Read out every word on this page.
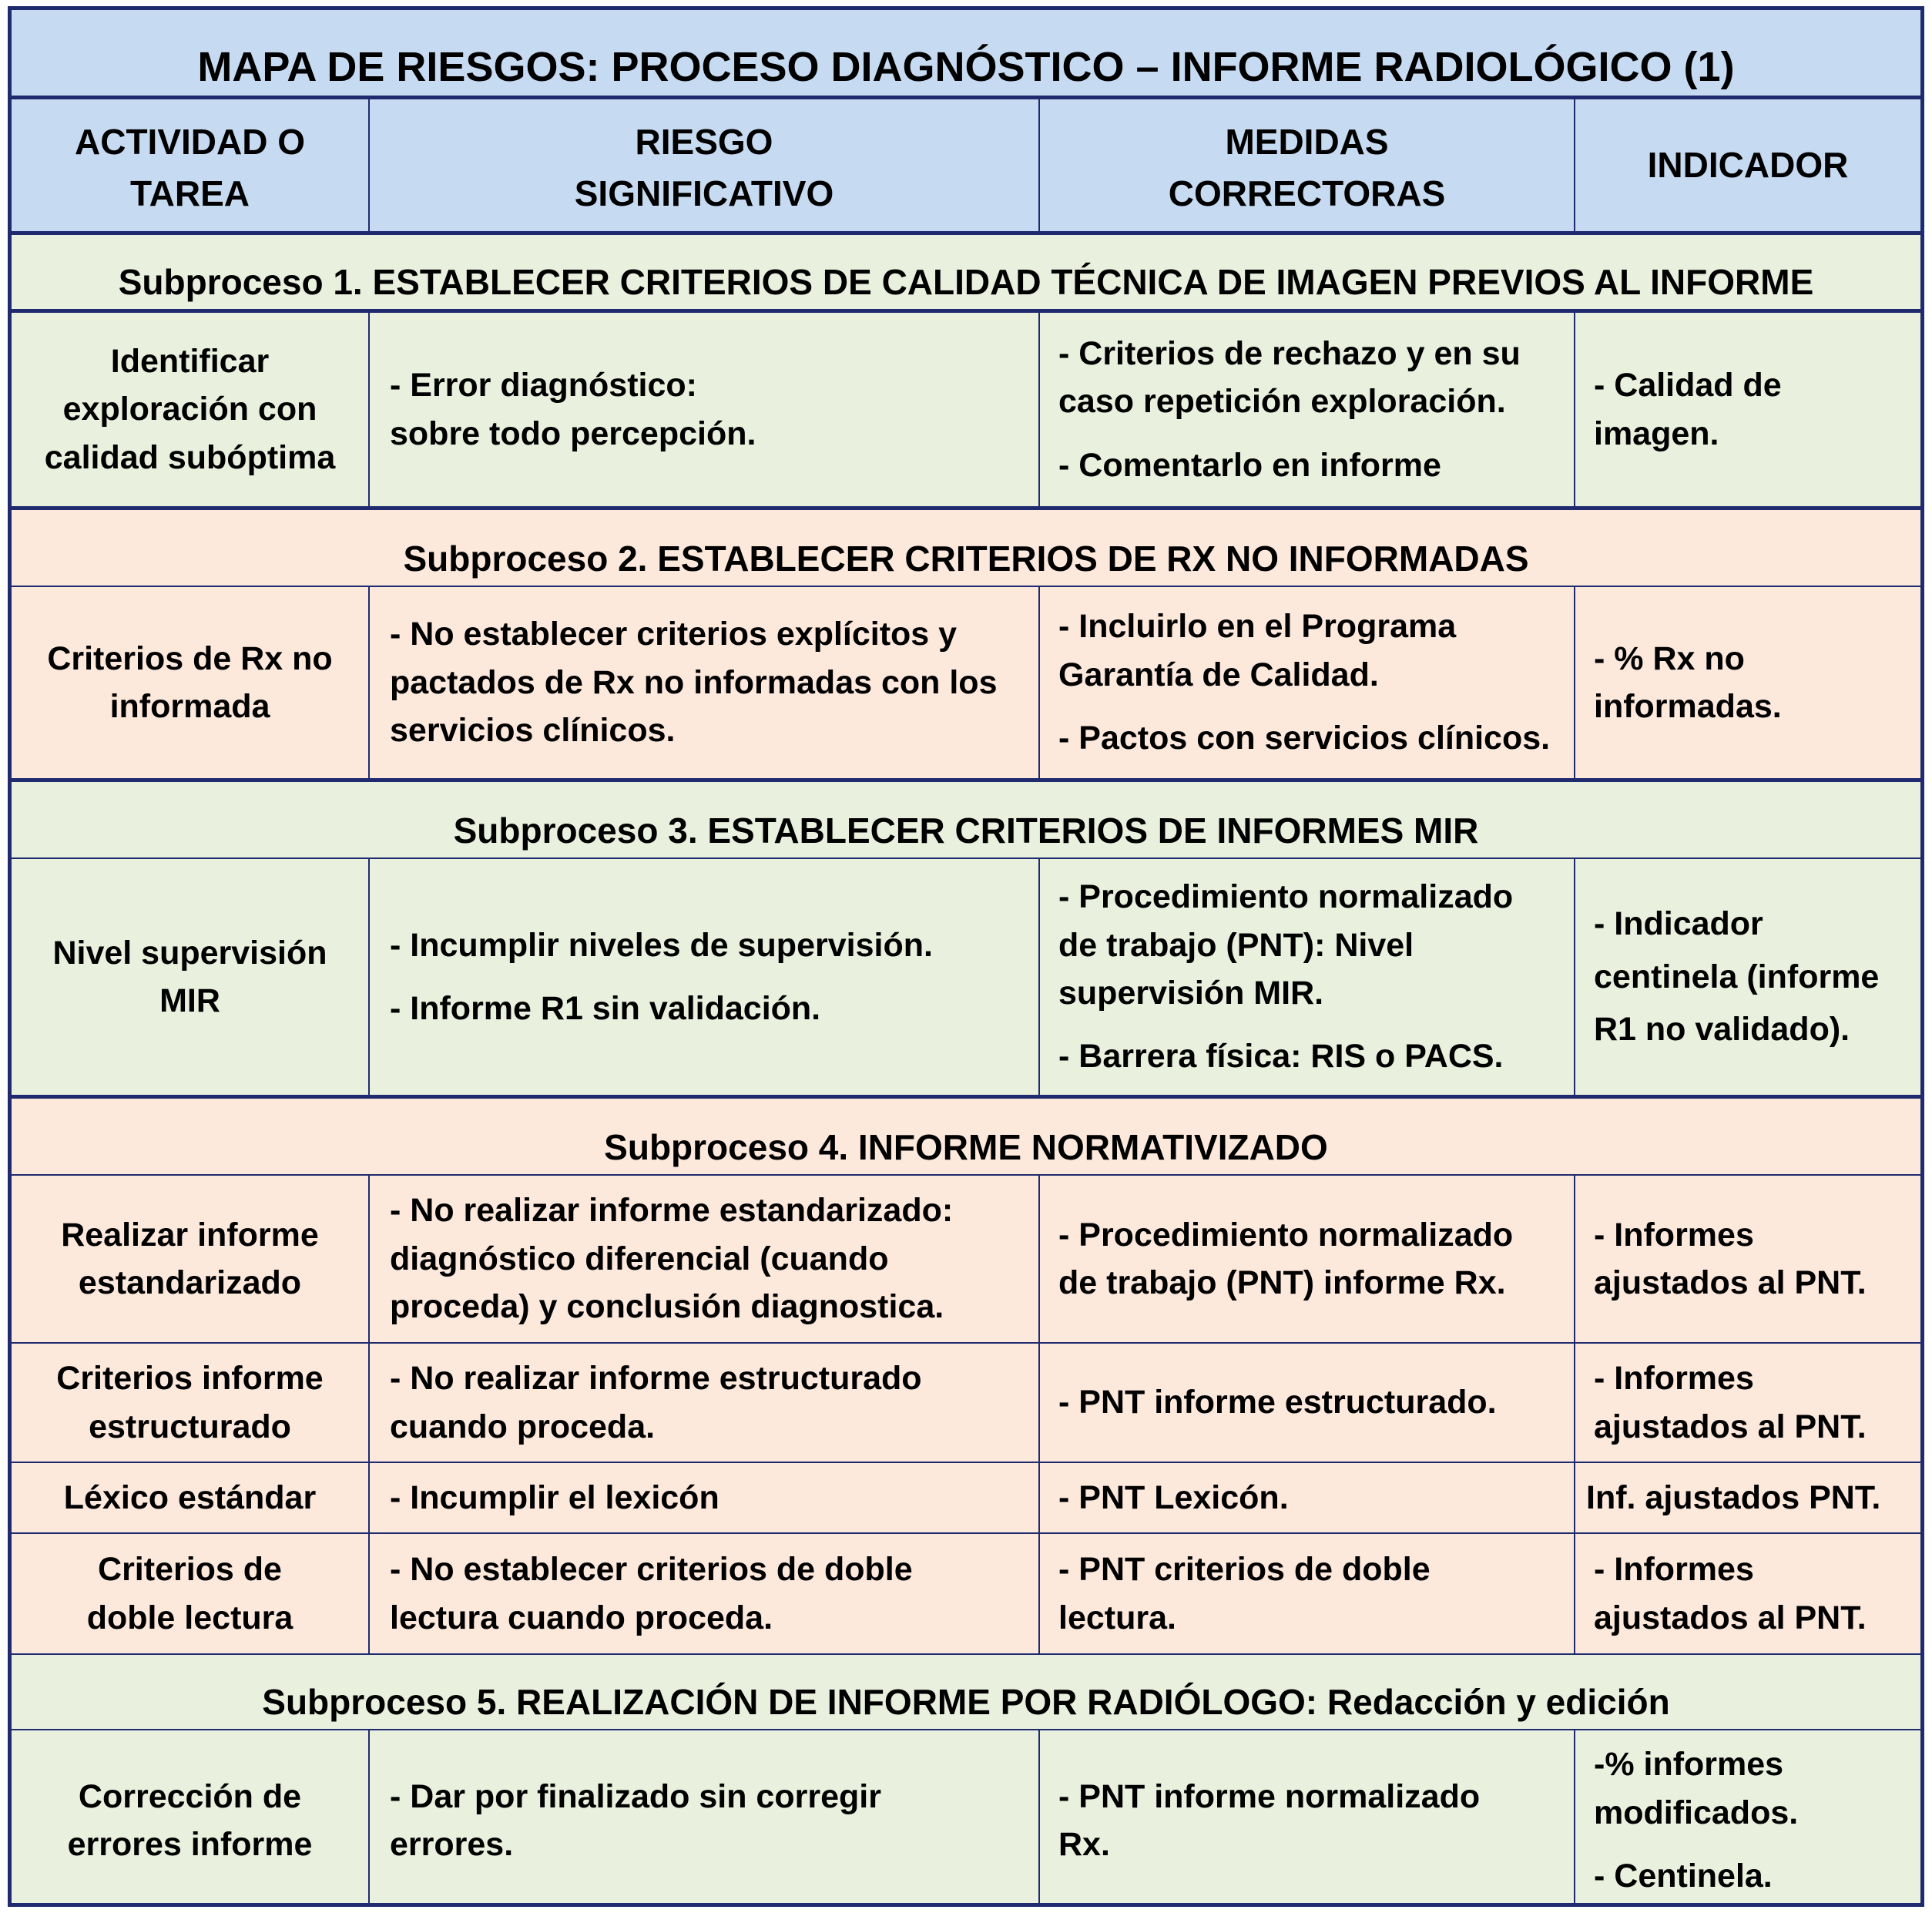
MAPA DE RIESGOS: PROCESO DIAGNÓSTICO – INFORME RADIOLÓGICO (1)
ACTIVIDAD O
TAREA
RIESGO
SIGNIFICATIVO
MEDIDAS
CORRECTORAS
INDICADOR
Subproceso 1. ESTABLECER CRITERIOS DE CALIDAD TÉCNICA DE IMAGEN PREVIOS AL INFORME
Identificar
exploración con
calidad subóptima
- Error diagnóstico:
sobre todo percepción.
- Criterios de rechazo y en su
caso repetición exploración.
- Comentarlo en informe
- Calidad de
imagen.
Subproceso 2. ESTABLECER CRITERIOS DE RX NO INFORMADAS
Criterios de Rx no
informada
- No establecer criterios explícitos y
pactados de Rx no informadas con los
servicios clínicos.
- Incluirlo en el Programa
Garantía de Calidad.
- Pactos con servicios clínicos.
- % Rx no
informadas.
Subproceso 3. ESTABLECER CRITERIOS DE INFORMES MIR
Nivel supervisión
MIR
- Incumplir niveles de supervisión.
- Informe R1 sin validación.
- Procedimiento normalizado
de trabajo (PNT): Nivel
supervisión MIR.
- Barrera física: RIS o PACS.
- Indicador
centinela (informe
R1 no validado).
Subproceso 4. INFORME NORMATIVIZADO
Realizar informe
estandarizado
- No realizar informe estandarizado:
diagnóstico diferencial (cuando
proceda) y conclusión diagnostica.
- Procedimiento normalizado
de trabajo (PNT) informe Rx.
- Informes
ajustados al PNT.
Criterios informe
estructurado
- No realizar informe estructurado
cuando proceda.
- PNT informe estructurado.
- Informes
ajustados al PNT.
Léxico estándar - Incumplir el lexicón	- PNT Lexicón.	Inf. ajustados PNT.
Criterios de
doble lectura
- No establecer criterios de doble
lectura cuando proceda.
- PNT criterios de doble
lectura.
- Informes
ajustados al PNT.
Subproceso 5. REALIZACIÓN DE INFORME POR RADIÓLOGO: Redacción y edición
Corrección de
errores informe
- Dar por finalizado sin corregir
errores.
- PNT informe normalizado
Rx.
-% informes
modificados.
- Centinela.
